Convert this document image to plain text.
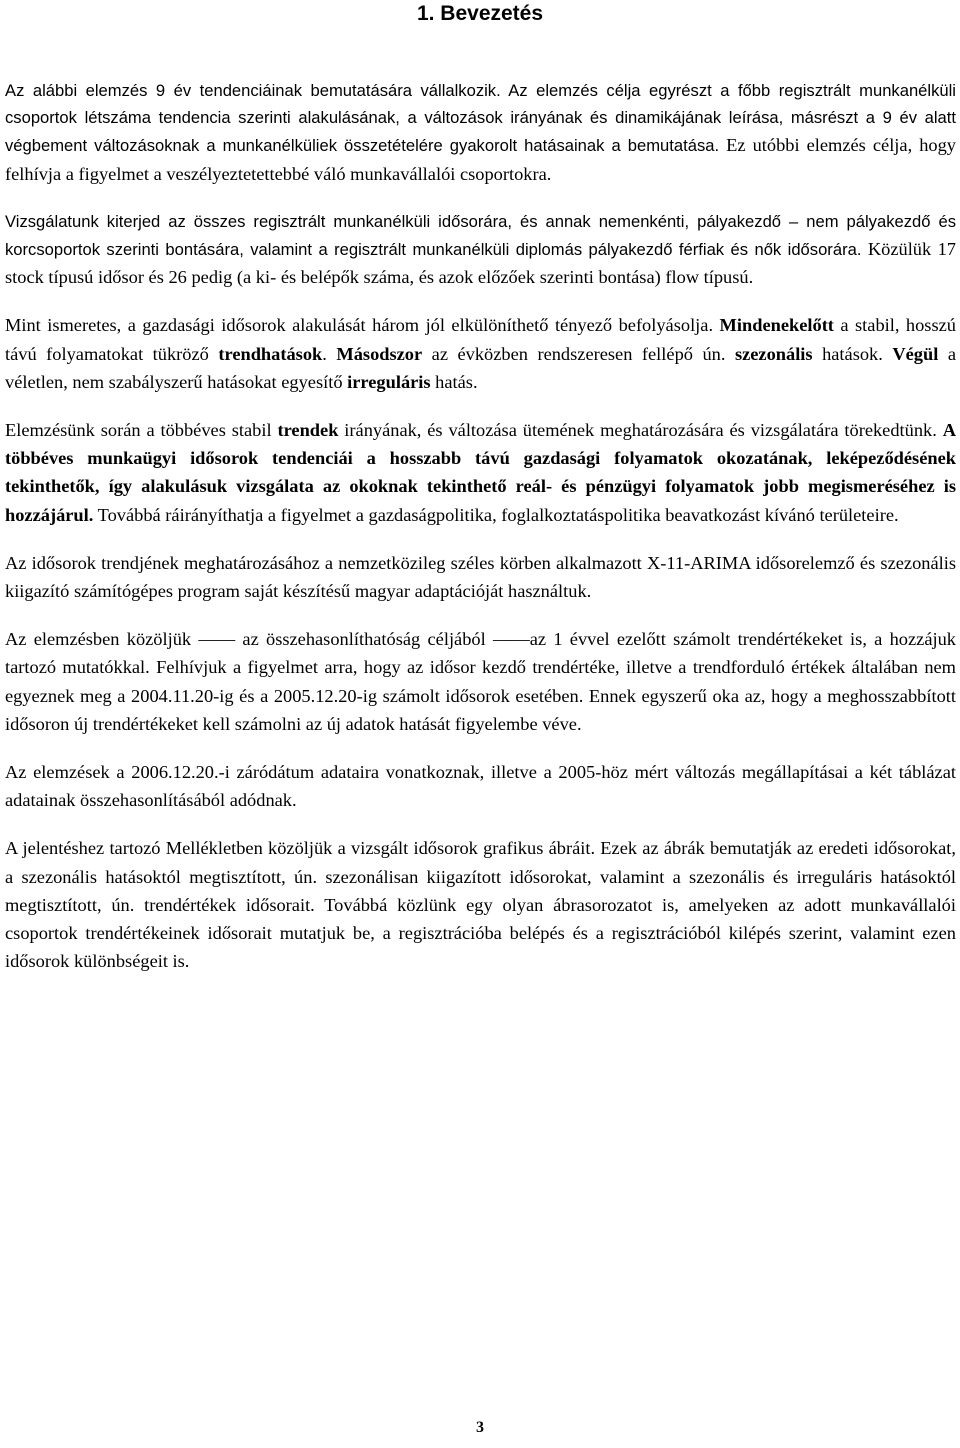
1. Bevezetés

Az alábbi elemzés 9 év tendenciáinak bemutatására vállalkozik. Az elemzés célja egyrészt a főbb regisztrált munkanélküli csoportok létszáma tendencia szerinti alakulásának, a változások irányának és dinamikájának leírása, másrészt a 9 év alatt végbement változásoknak a munkanélküliek összetételére gyakorolt hatásainak a bemutatása. Ez utóbbi elemzés célja, hogy felhívja a figyelmet a veszélyeztetettebbé váló munkavállalói csoportokra.

Vizsgálatunk kiterjed az összes regisztrált munkanélküli idősorára, és annak nemenkénti, pályakezdő – nem pályakezdő és korcsoportok szerinti bontására, valamint a regisztrált munkanélküli diplomás pályakezdő férfiak és nők idősorára. Közülük 17 stock típusú idősor és 26 pedig (a ki- és belépők száma, és azok előzőek szerinti bontása) flow típusú.

Mint ismeretes, a gazdasági idősorok alakulását három jól elkülöníthető tényező befolyásolja. Mindenekelőtt a stabil, hosszú távú folyamatokat tükröző trendhatások. Másodszor az évközben rendszeresen fellépő ún. szezonális hatások. Végül a véletlen, nem szabályszerű hatásokat egyesítő irreguláris hatás.

Elemzésünk során a többéves stabil trendek irányának, és változása ütemének meghatározására és vizsgálatára törekedtünk. A többéves munkaügyi idősorok tendenciái a hosszabb távú gazdasági folyamatok okozatának, leképeződésének tekinthetők, így alakulásuk vizsgálata az okoknak tekinthető reál- és pénzügyi folyamatok jobb megismeréséhez is hozzájárul. Továbbá ráirányíthatja a figyelmet a gazdaságpolitika, foglalkoztatáspolitika beavatkozást kívánó területeire.

Az idősorok trendjének meghatározásához a nemzetközileg széles körben alkalmazott X-11-ARIMA idősorelemző és szezonális kiigazító számítógépes program saját készítésű magyar adaptációját használtuk.

Az elemzésben közöljük —— az összehasonlíthatóság céljából ——az 1 évvel ezelőtt számolt trendértékeket is, a hozzájuk tartozó mutatókkal. Felhívjuk a figyelmet arra, hogy az idősor kezdő trendértéke, illetve a trendforduló értékek általában nem egyeznek meg a 2004.11.20-ig és a 2005.12.20-ig számolt idősorok esetében. Ennek egyszerű oka az, hogy a meghosszabbított idősoron új trendértékeket kell számolni az új adatok hatását figyelembe véve.

Az elemzések a 2006.12.20.-i záródátum adataira vonatkoznak, illetve a 2005-höz mért változás megállapításai a két táblázat adatainak összehasonlításából adódnak.

A jelentéshez tartozó Mellékletben közöljük a vizsgált idősorok grafikus ábráit. Ezek az ábrák bemutatják az eredeti idősorokat, a szezonális hatásoktól megtisztított, ún. szezonálisan kiigazított idősorokat, valamint a szezonális és irreguláris hatásoktól megtisztított, ún. trendértékek idősorait. Továbbá közlünk egy olyan ábrasorozatot is, amelyeken az adott munkavállalói csoportok trendértékeinek idősorait mutatjuk be, a regisztrációba belépés és a regisztrációból kilépés szerint, valamint ezen idősorok különbségeit is.

3
